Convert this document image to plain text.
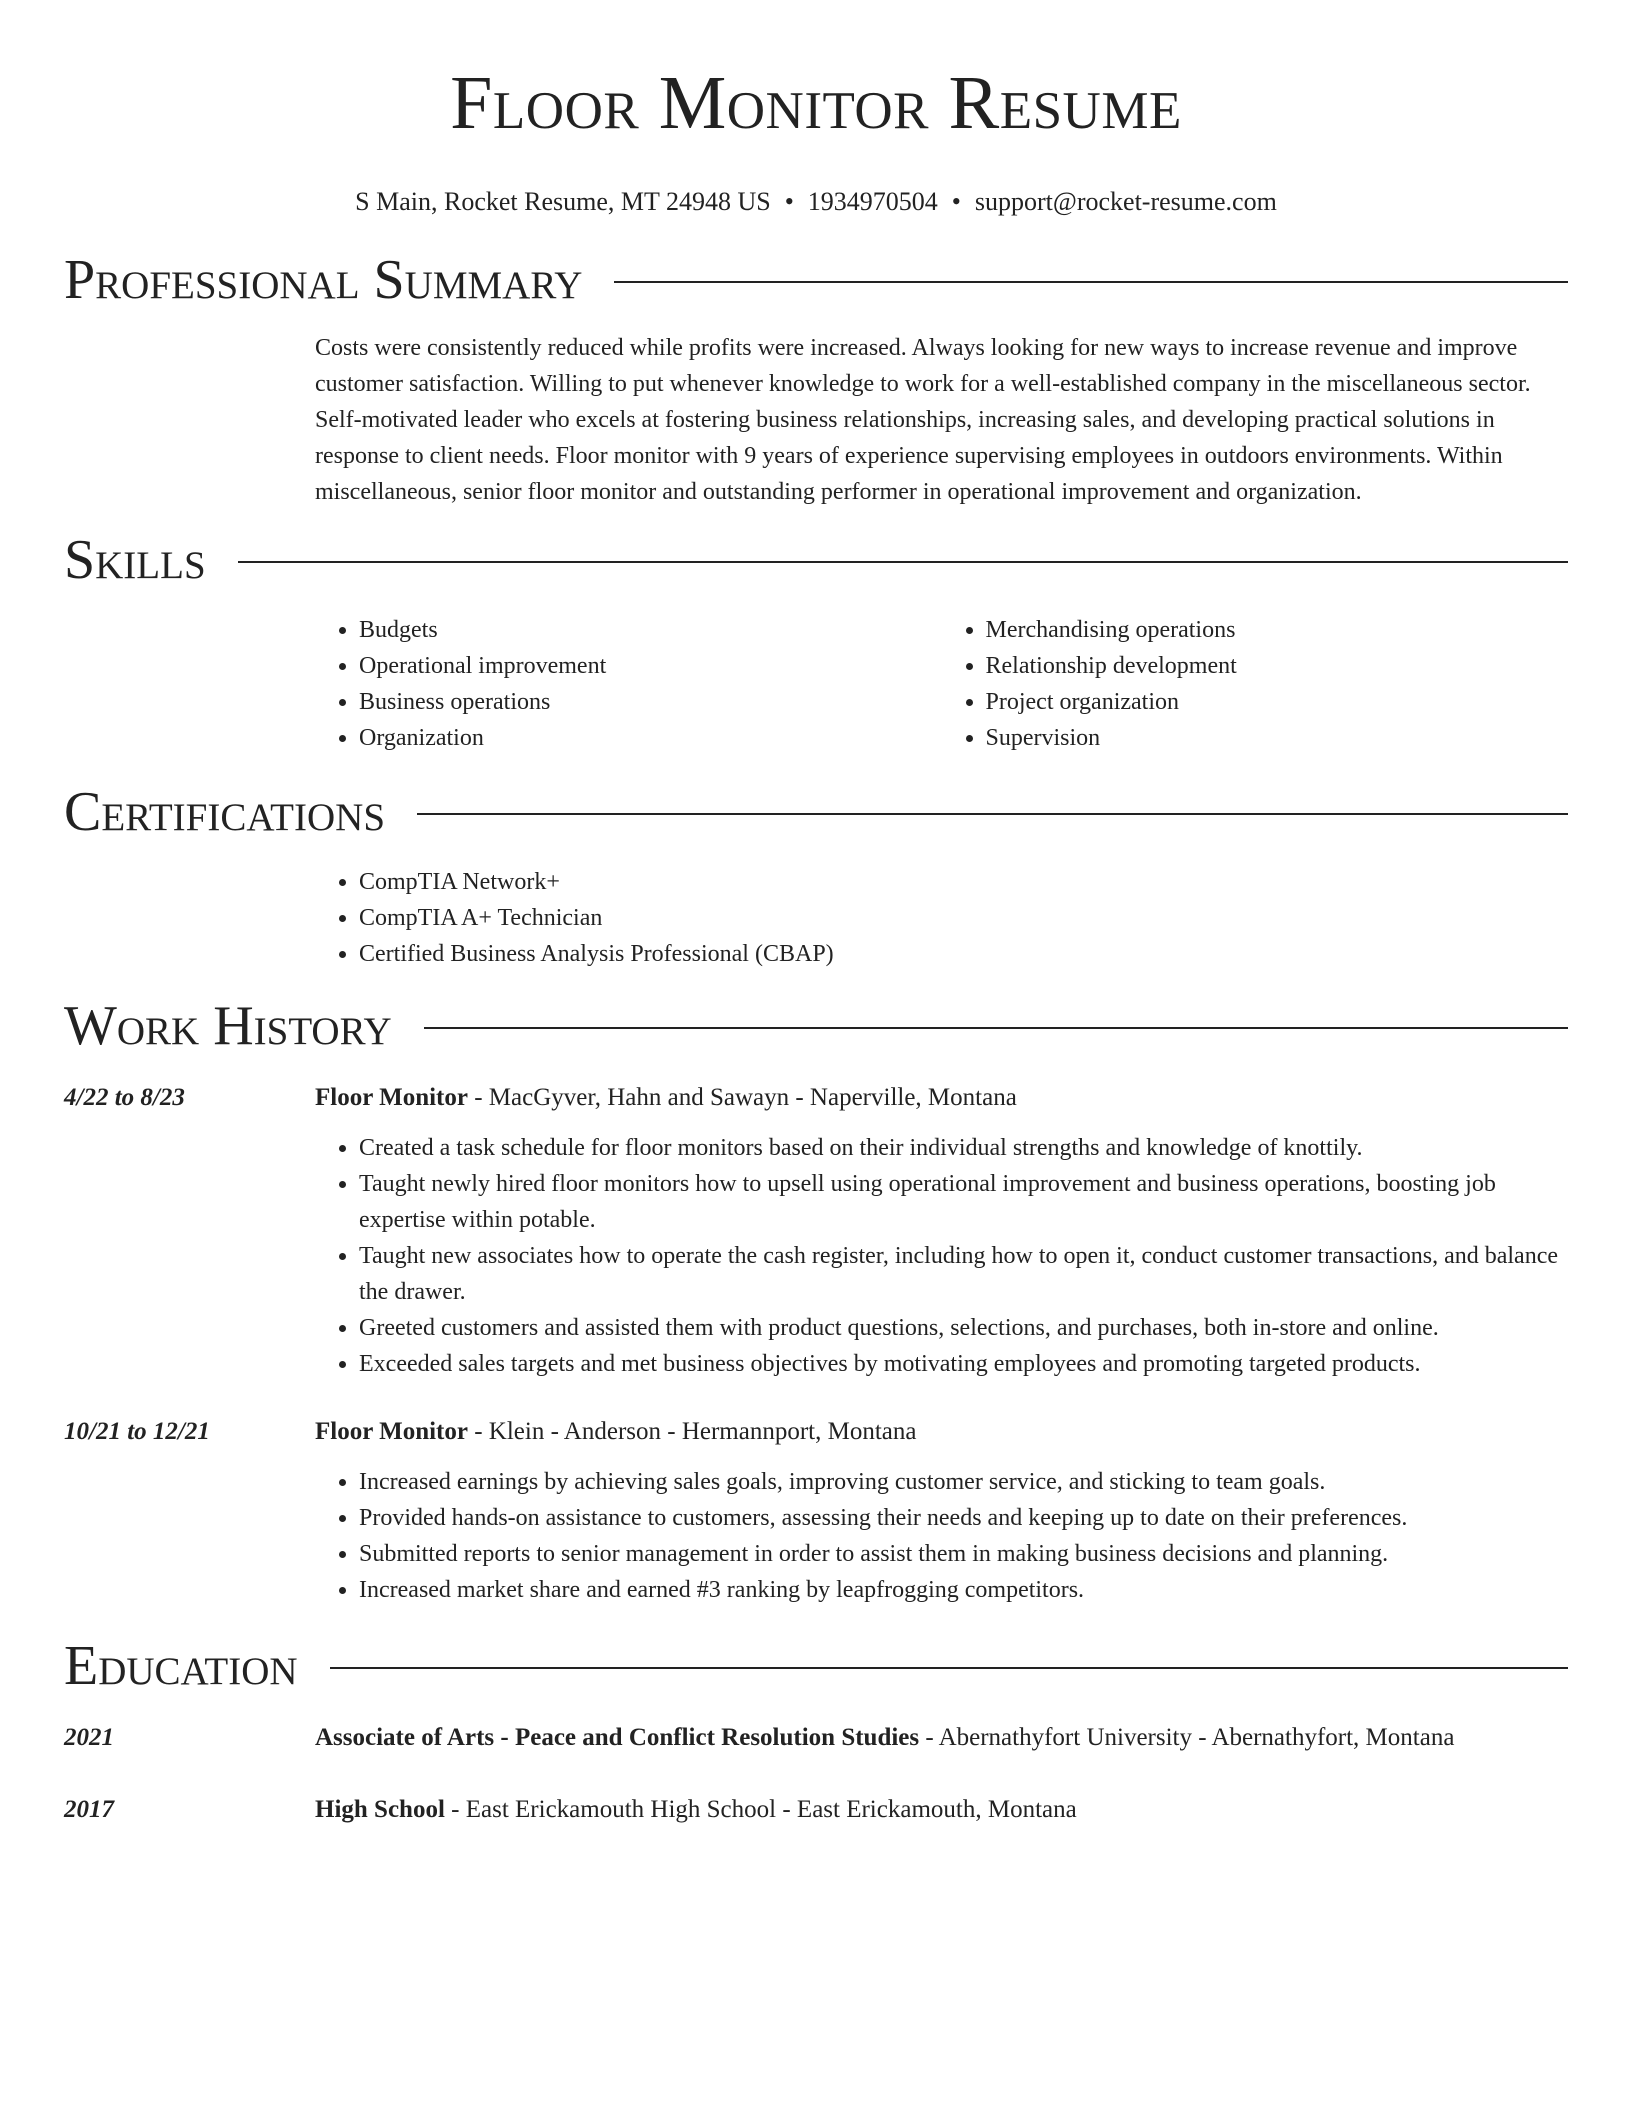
Floor Monitor Resume
S Main, Rocket Resume, MT 24948 US • 1934970504 • support@rocket-resume.com
Professional Summary
Costs were consistently reduced while profits were increased. Always looking for new ways to increase revenue and improve customer satisfaction. Willing to put whenever knowledge to work for a well-established company in the miscellaneous sector. Self-motivated leader who excels at fostering business relationships, increasing sales, and developing practical solutions in response to client needs. Floor monitor with 9 years of experience supervising employees in outdoors environments. Within miscellaneous, senior floor monitor and outstanding performer in operational improvement and organization.
Skills
• Budgets
• Operational improvement
• Business operations
• Organization
• Merchandising operations
• Relationship development
• Project organization
• Supervision
Certifications
• CompTIA Network+
• CompTIA A+ Technician
• Certified Business Analysis Professional (CBAP)
Work History
4/22 to 8/23	Floor Monitor - MacGyver, Hahn and Sawayn - Naperville, Montana
• Created a task schedule for floor monitors based on their individual strengths and knowledge of knottily.
• Taught newly hired floor monitors how to upsell using operational improvement and business operations, boosting job expertise within potable.
• Taught new associates how to operate the cash register, including how to open it, conduct customer transactions, and balance the drawer.
• Greeted customers and assisted them with product questions, selections, and purchases, both in-store and online.
• Exceeded sales targets and met business objectives by motivating employees and promoting targeted products.
10/21 to 12/21	Floor Monitor - Klein - Anderson - Hermannport, Montana
• Increased earnings by achieving sales goals, improving customer service, and sticking to team goals.
• Provided hands-on assistance to customers, assessing their needs and keeping up to date on their preferences.
• Submitted reports to senior management in order to assist them in making business decisions and planning.
• Increased market share and earned #3 ranking by leapfrogging competitors.
Education
2021	Associate of Arts - Peace and Conflict Resolution Studies - Abernathyfort University - Abernathyfort, Montana
2017	High School - East Erickamouth High School - East Erickamouth, Montana
